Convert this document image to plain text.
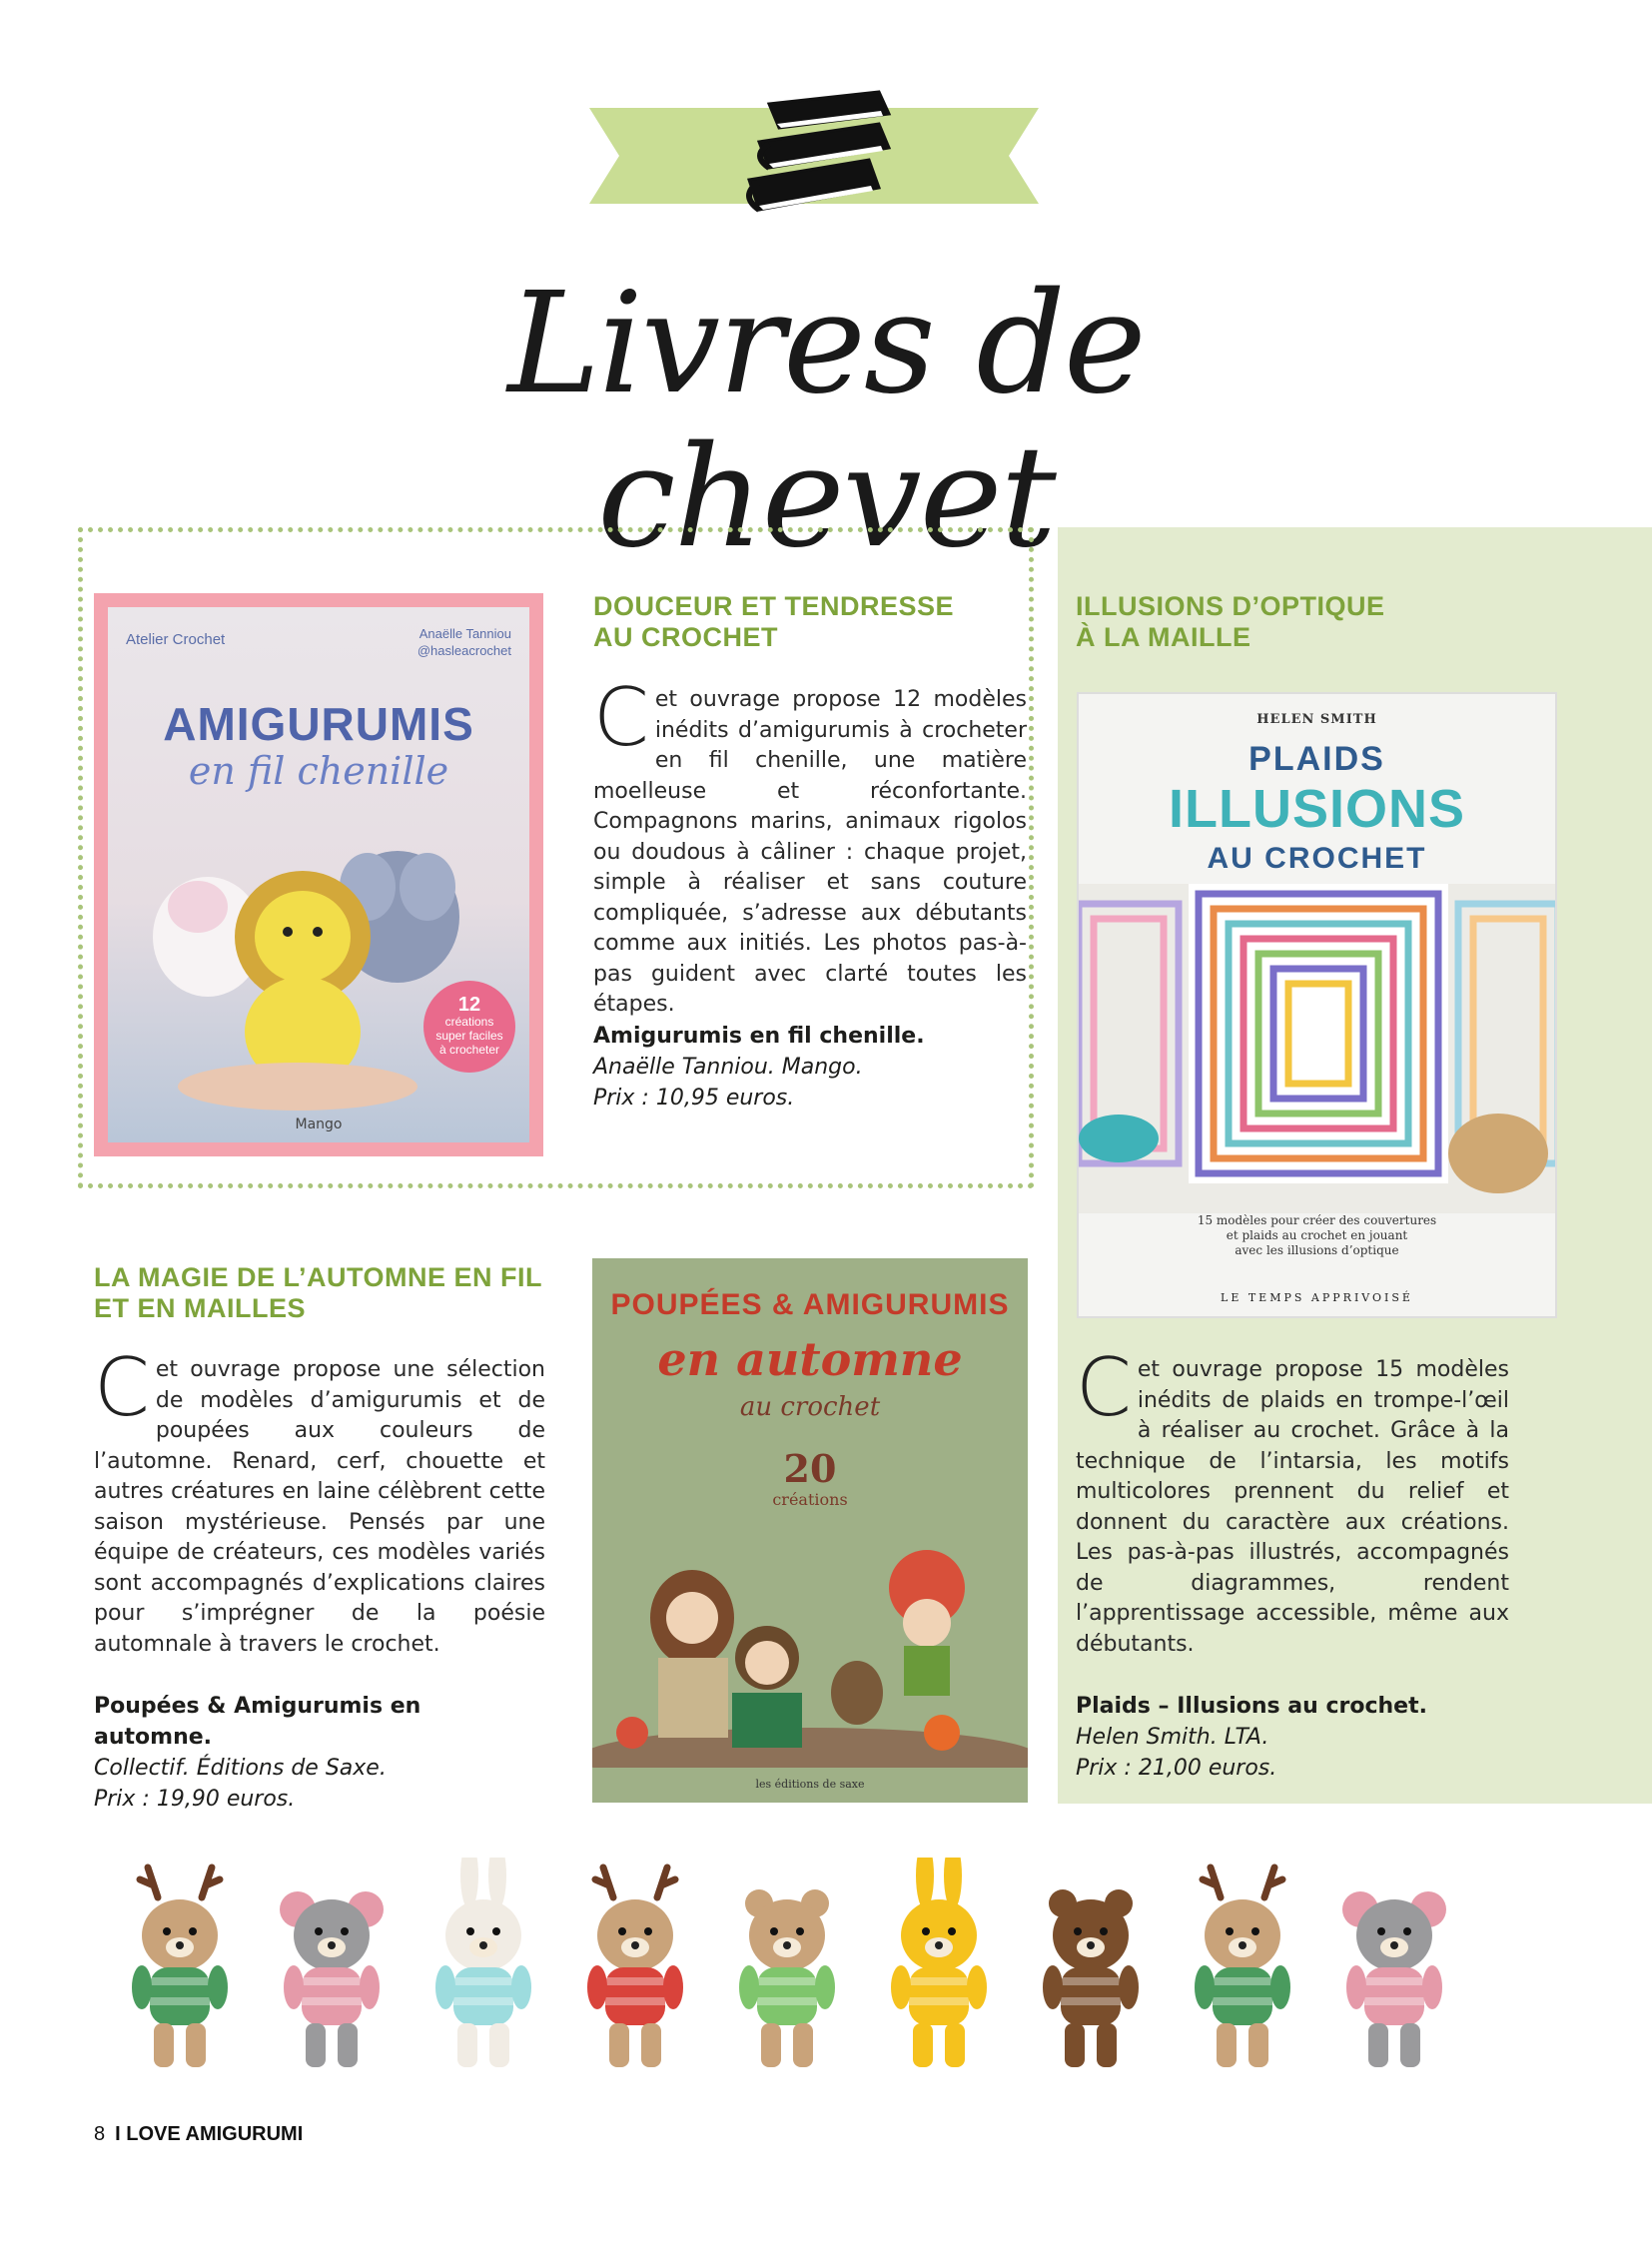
Livres de chevet
Atelier Crochet	Anaëlle Tanniou
@hasleacrochet
AMIGURUMIS
en fil chenille
12
créations
super faciles
à crocheter
Mango
DOUCEUR ET TENDRESSE
AU CROCHET
Cet ouvrage propose 12 modèles inédits d’amigurumis à crocheter en fil chenille, une matière moelleuse et réconfortante. Compagnons marins, animaux rigolos ou doudous à câliner : chaque projet, simple à réaliser et sans couture compliquée, s’adresse aux débutants comme aux initiés. Les photos pas-à-pas guident avec clarté toutes les étapes.
Amigurumis en fil chenille.
Anaëlle Tanniou. Mango.
Prix : 10,95 euros.
ILLUSIONS D’OPTIQUE
À LA MAILLE
HELEN SMITH
PLAIDS
ILLUSIONS
AU CROCHET
15 modèles pour créer des couvertures
et plaids au crochet en jouant
avec les illusions d’optique
LE TEMPS APPRIVOISÉ
Cet ouvrage propose 15 modèles inédits de plaids en trompe-l’œil à réaliser au crochet. Grâce à la technique de l’intarsia, les motifs multicolores prennent du relief et donnent du caractère aux créations. Les pas-à-pas illustrés, accompagnés de diagrammes, rendent l’apprentissage accessible, même aux débutants.
Plaids – Illusions au crochet.
Helen Smith. LTA.
Prix : 21,00 euros.
LA MAGIE DE L’AUTOMNE EN FIL
ET EN MAILLES
Cet ouvrage propose une sélection de modèles d’amigurumis et de poupées aux couleurs de l’automne. Renard, cerf, chouette et autres créatures en laine célèbrent cette saison mystérieuse. Pensés par une équipe de créateurs, ces modèles variés sont accompagnés d’explications claires pour s’imprégner de la poésie automnale à travers le crochet.
Poupées & Amigurumis en automne.
Collectif. Éditions de Saxe.
Prix : 19,90 euros.
POUPÉES & AMIGURUMIS
en automne
au crochet
20
créations
les éditions de saxe
8 I LOVE AMIGURUMI
